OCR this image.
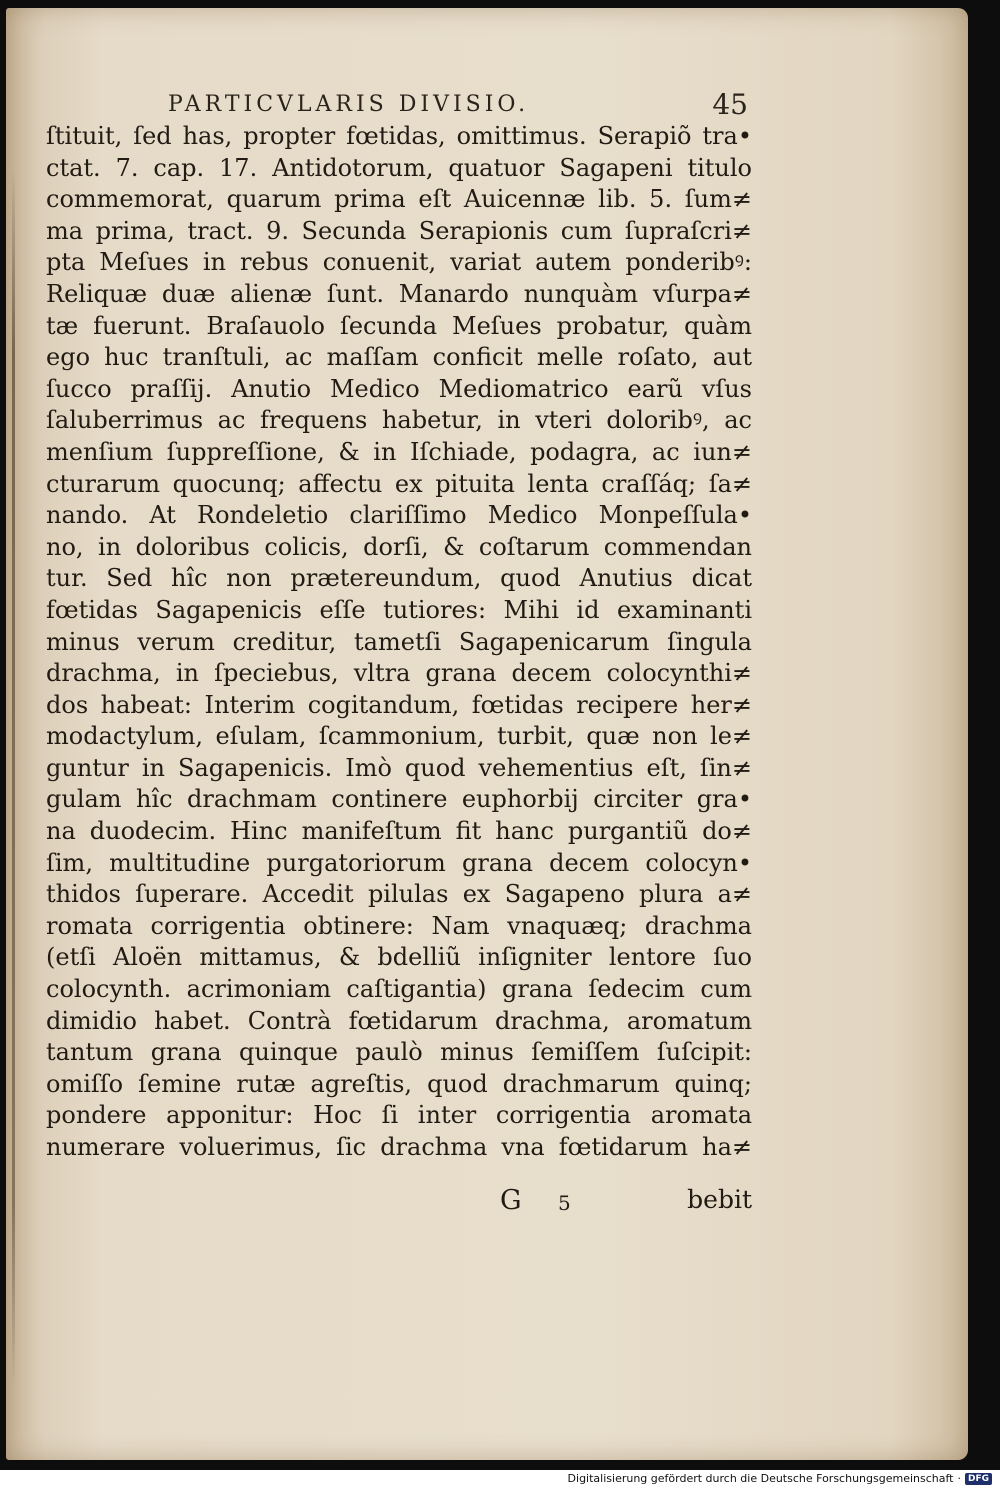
PARTICVLARIS DIVISIO.	45
ſtituit, ſed has, propter fœtidas, omittimus. Serapiõ tra•
ctat. 7. cap. 17. Antidotorum, quatuor Sagapeni titulo
commemorat, quarum prima eſt Auicennæ lib. 5. ſum≠
ma prima, tract. 9. Secunda Serapionis cum ſupraſcri≠
pta Meſues in rebus conuenit, variat autem ponderibꝰ:
Reliquæ duæ alienæ ſunt. Manardo nunquàm vſurpa≠
tæ fuerunt. Braſauolo ſecunda Meſues probatur, quàm
ego huc tranſtuli, ac maſſam conficit melle roſato, aut
ſucco praſſij. Anutio Medico Mediomatrico earũ vſus
ſaluberrimus ac frequens habetur, in vteri doloribꝰ, ac
menſium ſuppreſſione, & in Iſchiade, podagra, ac iun≠
cturarum quocunq; affectu ex pituita lenta craſſáq; ſa≠
nando. At Rondeletio clariſſimo Medico Monpeſſula•
no, in doloribus colicis, dorſi, & coſtarum commendan
tur. Sed hîc non prætereundum, quod Anutius dicat
fœtidas Sagapenicis eſſe tutiores: Mihi id examinanti
minus verum creditur, tametſi Sagapenicarum ſingula
drachma, in ſpeciebus, vltra grana decem colocynthi≠
dos habeat: Interim cogitandum, fœtidas recipere her≠
modactylum, eſulam, ſcammonium, turbit, quæ non le≠
guntur in Sagapenicis. Imò quod vehementius eſt, ſin≠
gulam hîc drachmam continere euphorbij circiter gra•
na duodecim. Hinc manifeſtum fit hanc purgantiũ do≠
ſim, multitudine purgatoriorum grana decem colocyn•
thidos ſuperare. Accedit pilulas ex Sagapeno plura a≠
romata corrigentia obtinere: Nam vnaquæq; drachma
(etſi Aloën mittamus, & bdelliũ inſigniter lentore ſuo
colocynth. acrimoniam caſtigantia) grana ſedecim cum
dimidio habet. Contrà fœtidarum drachma, aromatum
tantum grana quinque paulò minus ſemiſſem ſuſcipit:
omiſſo ſemine rutæ agreſtis, quod drachmarum quinq;
pondere apponitur: Hoc ſi inter corrigentia aromata
numerare voluerimus, ſic drachma vna fœtidarum ha≠
G 5	bebit
Digitalisierung gefördert durch die Deutsche Forschungsgemeinschaft · DFG
